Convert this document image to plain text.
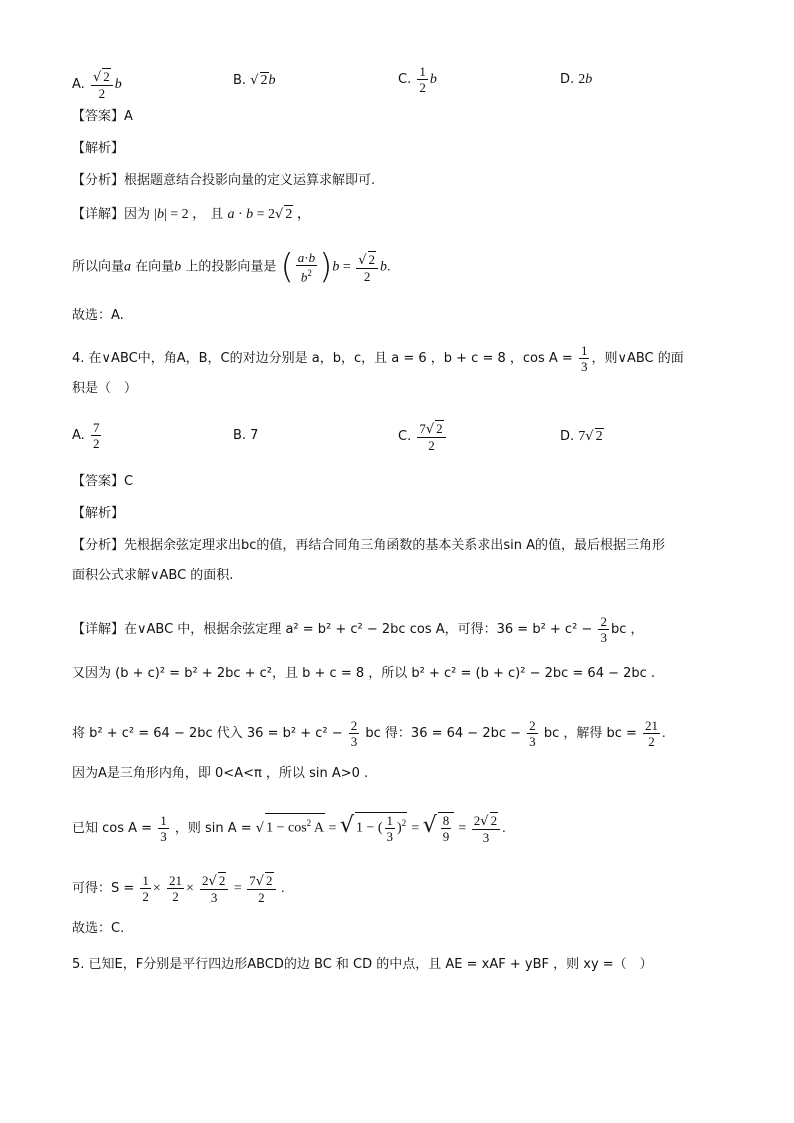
A. $\frac{√ 2}{2}$ b	B. √ 2b	C. $\frac{1}{2}$ b	D. 2b
【答案】A
【解析】
【分析】根据题意结合投影向量的定义运算求解即可.
【详解】因为 |b| = 2 ， 且 a · b = 2√ 2 ，
所以向量a 在向量b 上的投影向量是 ( $\frac{a\cdot b}{b^2} )b = \frac{√ 2}{2} b$.
故选：A.
4. 在∨ABC中，角A，B，C的对边分别是 a，b，c，且 a = 6 ，b + c = 8 ，$\cos A = \frac{1}{3}$ ，则∨ABC 的面
积是（　）
A. $\frac{7}{2}$	B. 7	C. $\frac{7√ 2}{2}$	D. 7√ 2
【答案】C
【解析】
【分析】先根据余弦定理求出bc的值，再结合同角三角函数的基本关系求出sin A的值，最后根据三角形
面积公式求解∨ABC 的面积.
【详解】在∨ABC 中，根据余弦定理 a² = b² + c² − 2bc cos A，可得：$36 = b^2 + c^2 - \frac{2}{3}$ bc ，
又因为 (b + c)² = b² + 2bc + c²，且 b + c = 8 ，所以 b² + c² = (b + c)² − 2bc = 64 − 2bc .
将 b² + c² = 64 − 2bc 代入 $36 = b^2 + c^2 - \frac{2}{3}$ bc 得：$36 = 64 - 2bc - \frac{2}{3}$ bc ，解得 bc = $\frac{21}{2}$ .
因为A是三角形内角，即 0<A<π ，所以 sin A>0 .
已知 $\cos A = \frac{1}{3}$ ，则 sin A = √ $1 - \cos^2 A$ = √ 1 − ( $\frac{1}{3} )^2$ = √ $\frac{8}{9} = \frac{2√ 2}{3}$ .
可得：$S = \frac{1}{2} \times \frac{21}{2} \times \frac{2√ 2}{3} = \frac{7√ 2}{2}$ .
故选：C.
5. 已知E，F分别是平行四边形ABCD的边 BC 和 CD 的中点，且 AE = xAF + yBF ，则 xy =（　）
